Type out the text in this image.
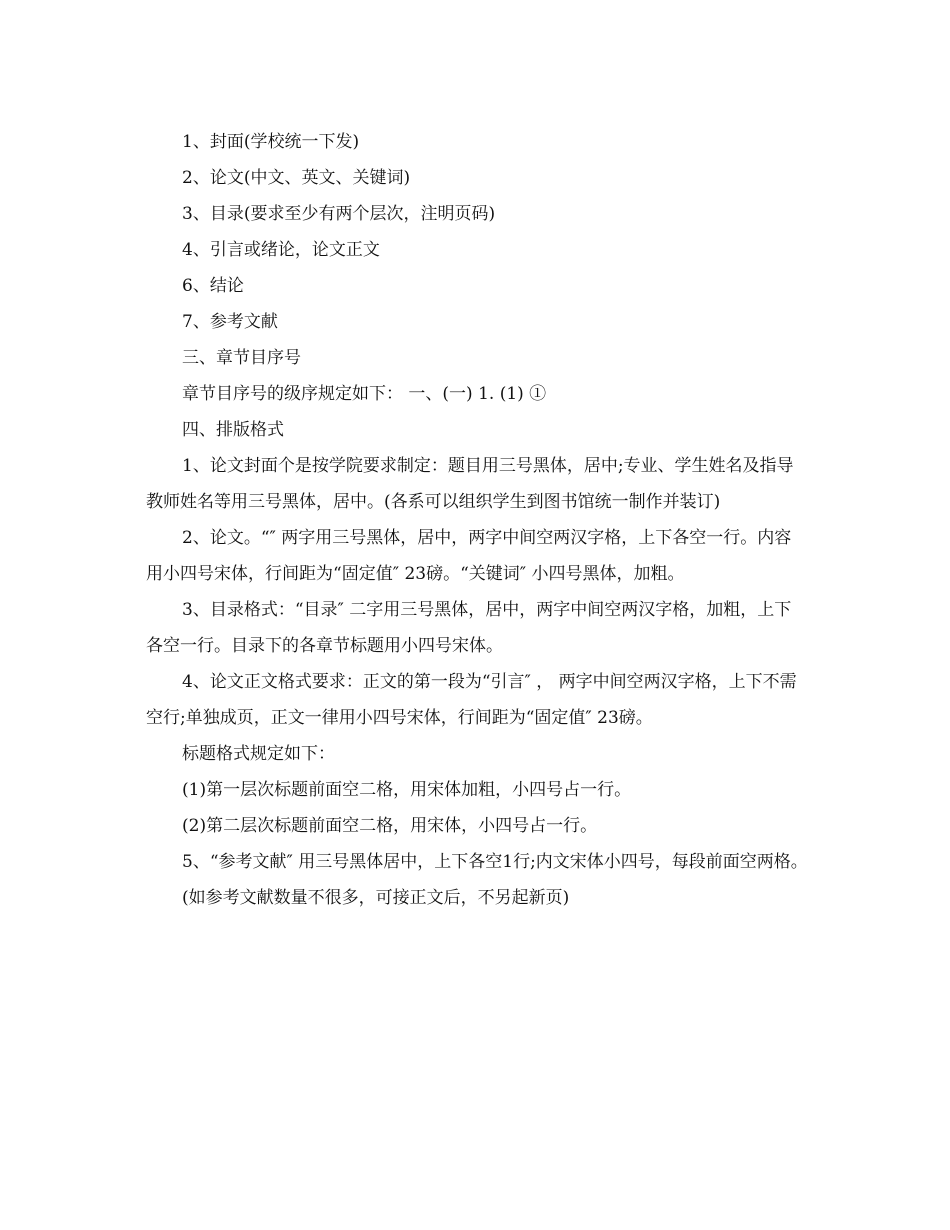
1、封面(学校统一下发)

2、论文(中文、英文、关键词)

3、目录(要求至少有两个层次，注明页码)

4、引言或绪论，论文正文

6、结论

7、参考文献

三、章节目序号

章节目序号的级序规定如下： 一、(一) 1. (1) ①

四、排版格式

1、论文封面个是按学院要求制定：题目用三号黑体，居中;专业、学生姓名及指导教师姓名等用三号黑体，居中。(各系可以组织学生到图书馆统一制作并装订)

2、论文。“″ 两字用三号黑体，居中，两字中间空两汉字格，上下各空一行。内容用小四号宋体，行间距为“固定值″ 23磅。“关键词″ 小四号黑体，加粗。

3、目录格式：“目录″ 二字用三号黑体，居中，两字中间空两汉字格，加粗，上下各空一行。目录下的各章节标题用小四号宋体。

4、论文正文格式要求：正文的第一段为“引言″ ， 两字中间空两汉字格，上下不需空行;单独成页，正文一律用小四号宋体，行间距为“固定值″ 23磅。

标题格式规定如下：

(1)第一层次标题前面空二格，用宋体加粗，小四号占一行。

(2)第二层次标题前面空二格，用宋体，小四号占一行。

5、“参考文献″ 用三号黑体居中，上下各空1行;内文宋体小四号，每段前面空两格。

(如参考文献数量不很多，可接正文后，不另起新页)
